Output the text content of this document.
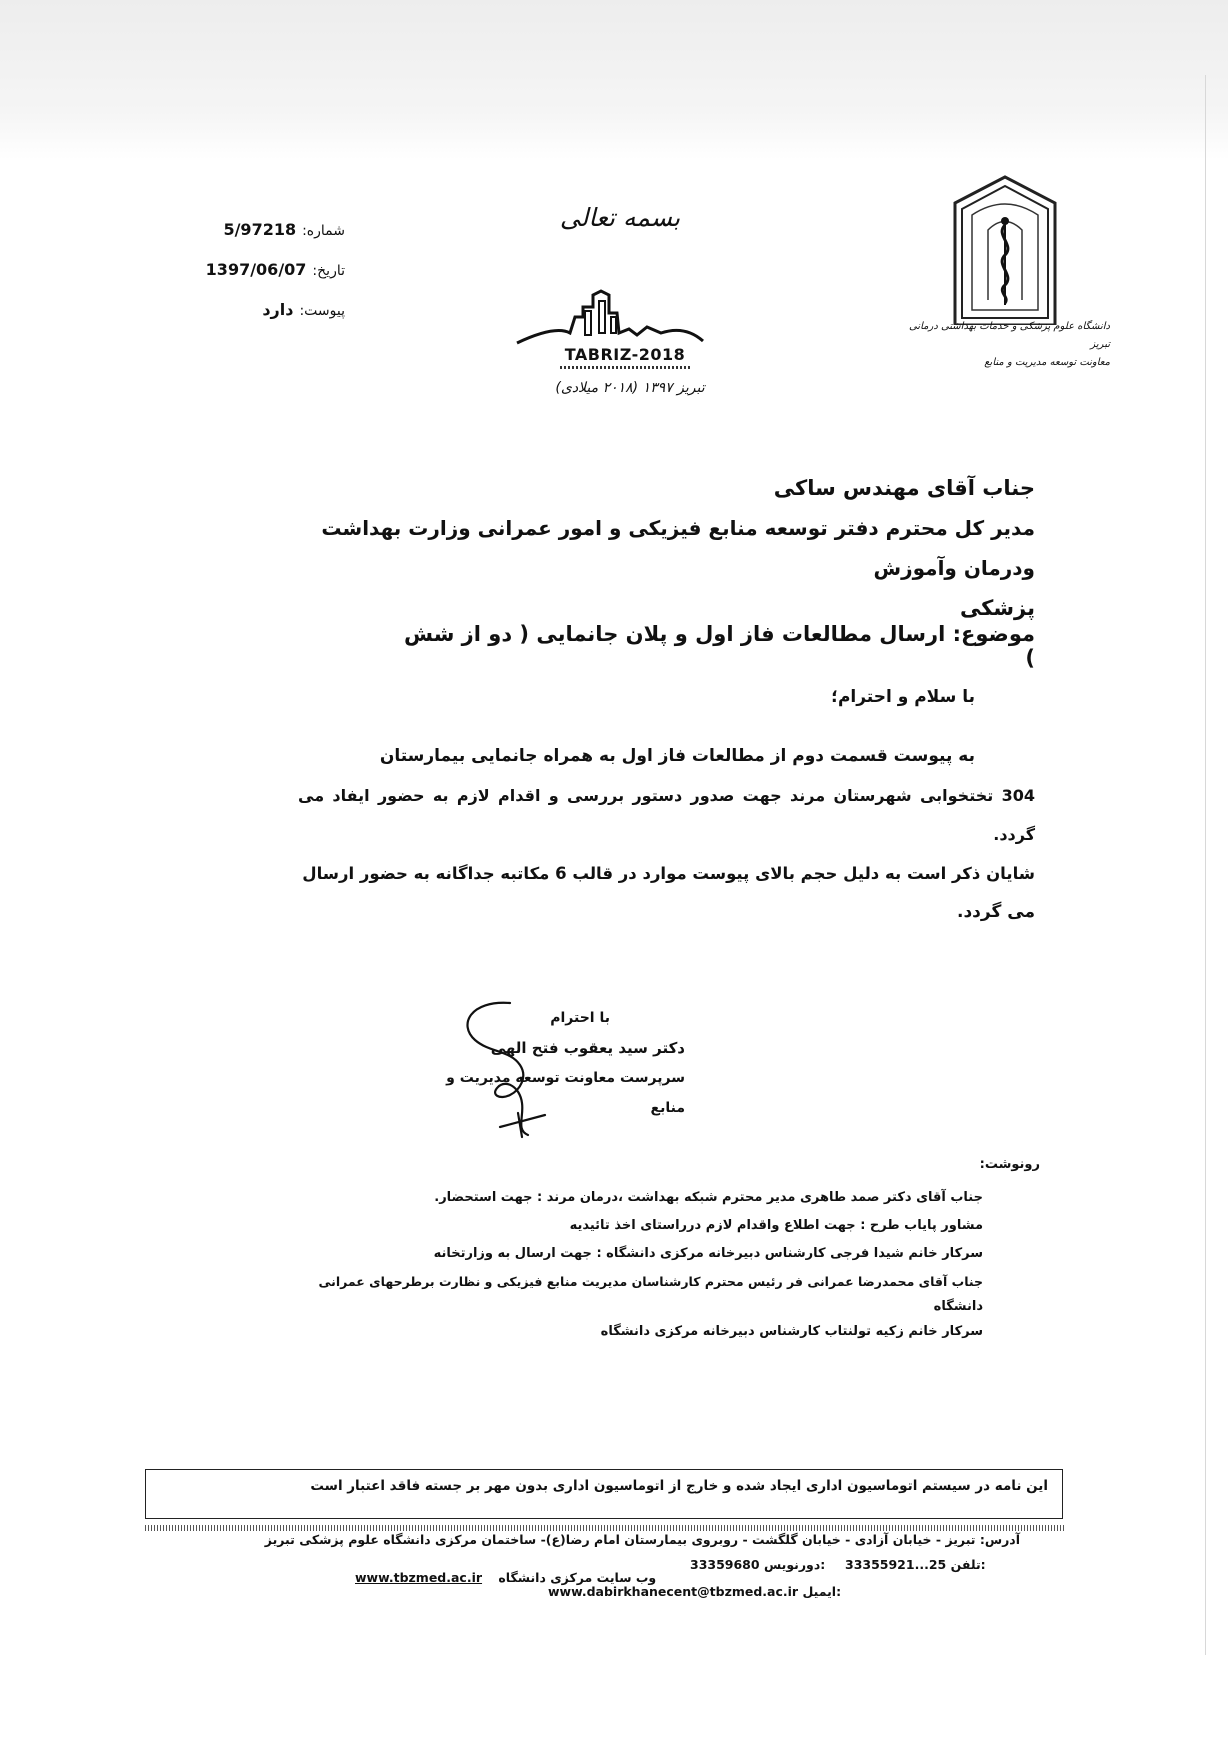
دانشگاه علوم پزشکی و خدمات بهداشتی درمانی تبریز
معاونت توسعه مدیریت و منابع
بسمه تعالی
TABRIZ-2018
تبریز ۱۳۹۷ (۲۰۱۸ میلادی)
شماره:5/97218
تاریخ:1397/06/07
پیوست:دارد
جناب آقای مهندس ساکی
مدیر کل محترم دفتر توسعه منابع فیزیکی و امور عمرانی وزارت بهداشت ودرمان وآموزش
پزشکی
موضوع: ارسال مطالعات فاز اول و پلان جانمایی ( دو از شش )
با سلام و احترام؛
به پیوست قسمت دوم از مطالعات فاز اول به همراه جانمایی بیمارستان
304 تختخوابی شهرستان مرند جهت صدور دستور بررسی و اقدام لازم به حضور ایفاد می گردد.
شایان ذکر است به دلیل حجم بالای پیوست موارد در قالب 6 مکاتبه جداگانه به حضور ارسال
می گردد.
با احترام
دکتر سید یعقوب فتح الهی
سرپرست معاونت توسعه مدیریت و منابع
رونوشت:
جناب آقای دکتر صمد طاهری مدیر محترم شبکه بهداشت ،درمان مرند : جهت استحضار.
مشاور پایاب طرح : جهت اطلاع واقدام لازم درراستای اخذ تائیدیه
سرکار خانم شیدا فرجی کارشناس دبیرخانه مرکزی دانشگاه : جهت ارسال به وزارتخانه
جناب آقای محمدرضا عمرانی فر رئیس محترم کارشناسان مدیریت منابع فیزیکی و نظارت برطرحهای عمرانی
دانشگاه
سرکار خانم زکیه تولنتاب کارشناس دبیرخانه مرکزی دانشگاه
این نامه در سیستم اتوماسیون اداری ایجاد شده و خارج از اتوماسیون اداری بدون مهر بر جسته فاقد اعتبار است
آدرس: تبریز - خیابان آزادی - خیابان گلگشت - روبروی بیمارستان امام رضا(ع)- ساختمان مرکزی دانشگاه علوم پزشکی تبریز
33355921...25 تلفن:
33359680 دورنویس:
www.tbzmed.ac.ir وب سایت مرکزی دانشگاه
www.dabirkhanecent@tbzmed.ac.ir ایمیل:
